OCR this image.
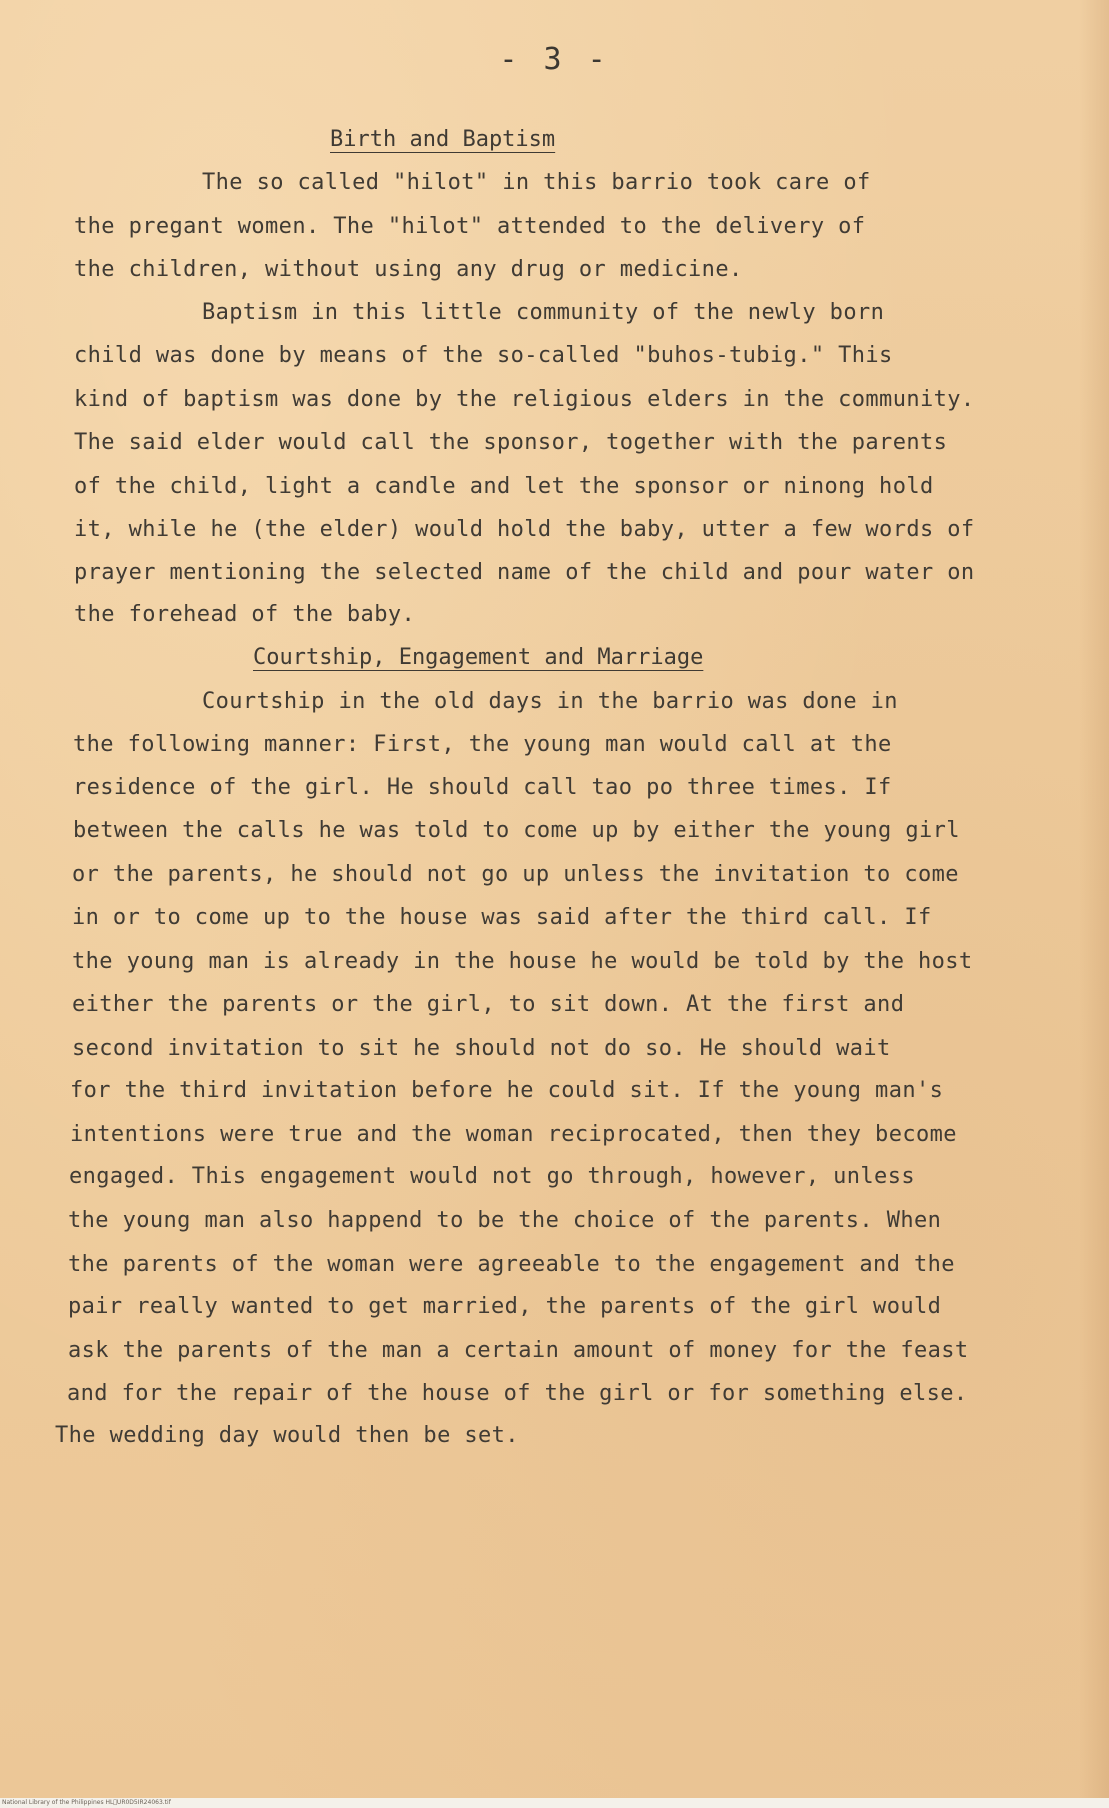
- 3 -
Birth and Baptism
The so called "hilot" in this barrio took care of
the pregant women. The "hilot" attended to the delivery of
the children, without using any drug or medicine.
Baptism in this little community of the newly born
child was done by means of the so-called "buhos-tubig." This
kind of baptism was done by the religious elders in the community.
The said elder would call the sponsor, together with the parents
of the child, light a candle and let the sponsor or ninong hold
it, while he (the elder) would hold the baby, utter a few words of
prayer mentioning the selected name of the child and pour water on
the forehead of the baby.
Courtship, Engagement and Marriage
Courtship in the old days in the barrio was done in
the following manner: First, the young man would call at the
residence of the girl. He should call tao po three times. If
between the calls he was told to come up by either the young girl
or the parents, he should not go up unless the invitation to come
in or to come up to the house was said after the third call. If
the young man is already in the house he would be told by the host
either the parents or the girl, to sit down. At the first and
second invitation to sit he should not do so. He should wait
for the third invitation before he could sit. If the young man's
intentions were true and the woman reciprocated, then they become
engaged. This engagement would not go through, however, unless
the young man also happend to be the choice of the parents. When
the parents of the woman were agreeable to the engagement and the
pair really wanted to get married, the parents of the girl would
ask the parents of the man a certain amount of money for the feast
and for the repair of the house of the girl or for something else.
The wedding day would then be set.
National Library of the Philippines HL UR0D5IR24063.tif
